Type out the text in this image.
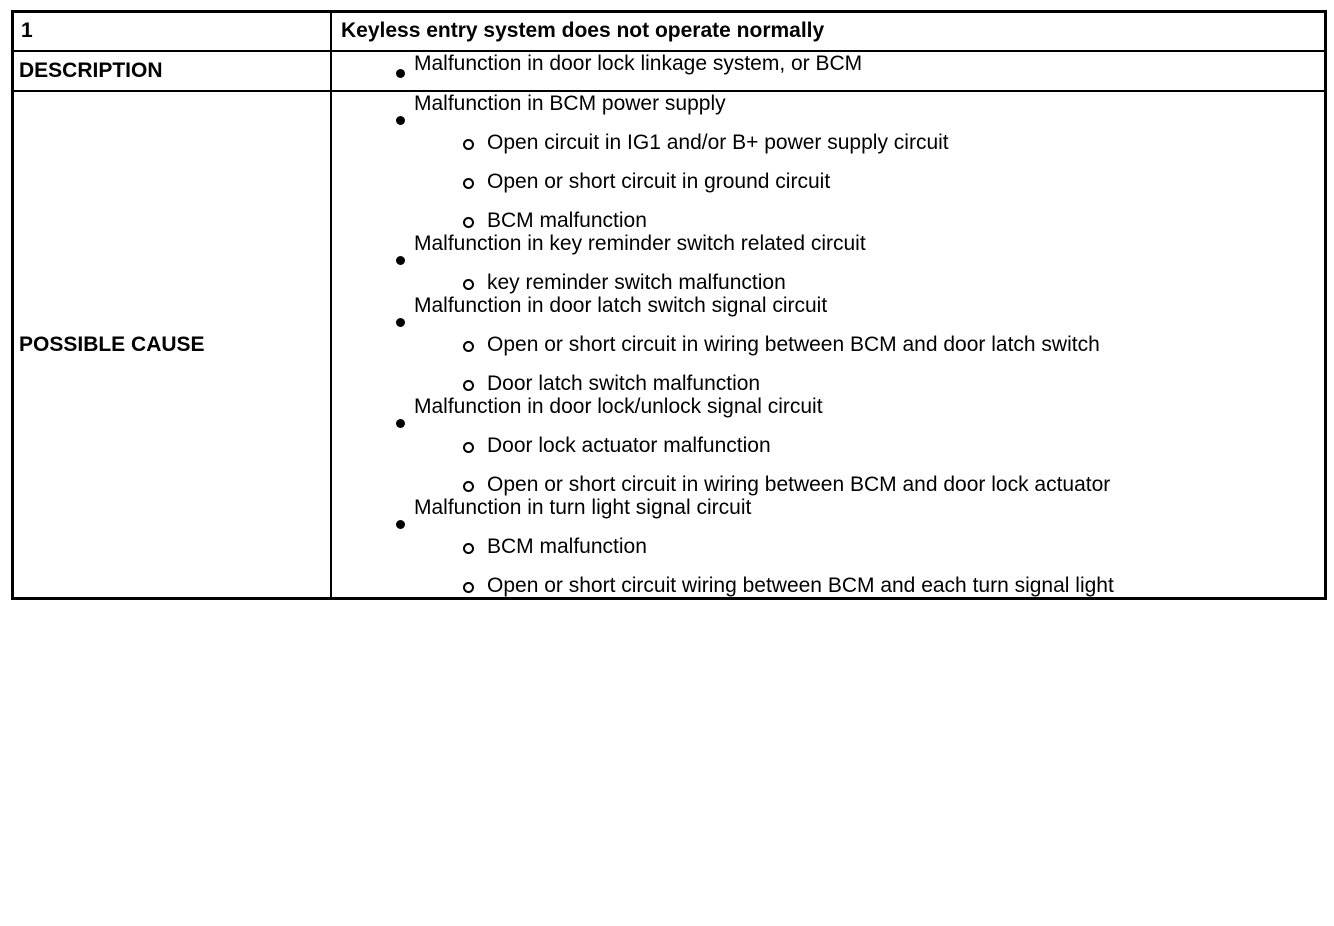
1	Keyless entry system does not operate normally

DESCRIPTION	Malfunction in door lock linkage system, or BCM

POSSIBLE CAUSE

Malfunction in BCM power supply
Open circuit in IG1 and/or B+ power supply circuit
Open or short circuit in ground circuit
BCM malfunction
Malfunction in key reminder switch related circuit
key reminder switch malfunction
Malfunction in door latch switch signal circuit
Open or short circuit in wiring between BCM and door latch switch
Door latch switch malfunction
Malfunction in door lock/unlock signal circuit
Door lock actuator malfunction
Open or short circuit in wiring between BCM and door lock actuator
Malfunction in turn light signal circuit
BCM malfunction
Open or short circuit wiring between BCM and each turn signal light
